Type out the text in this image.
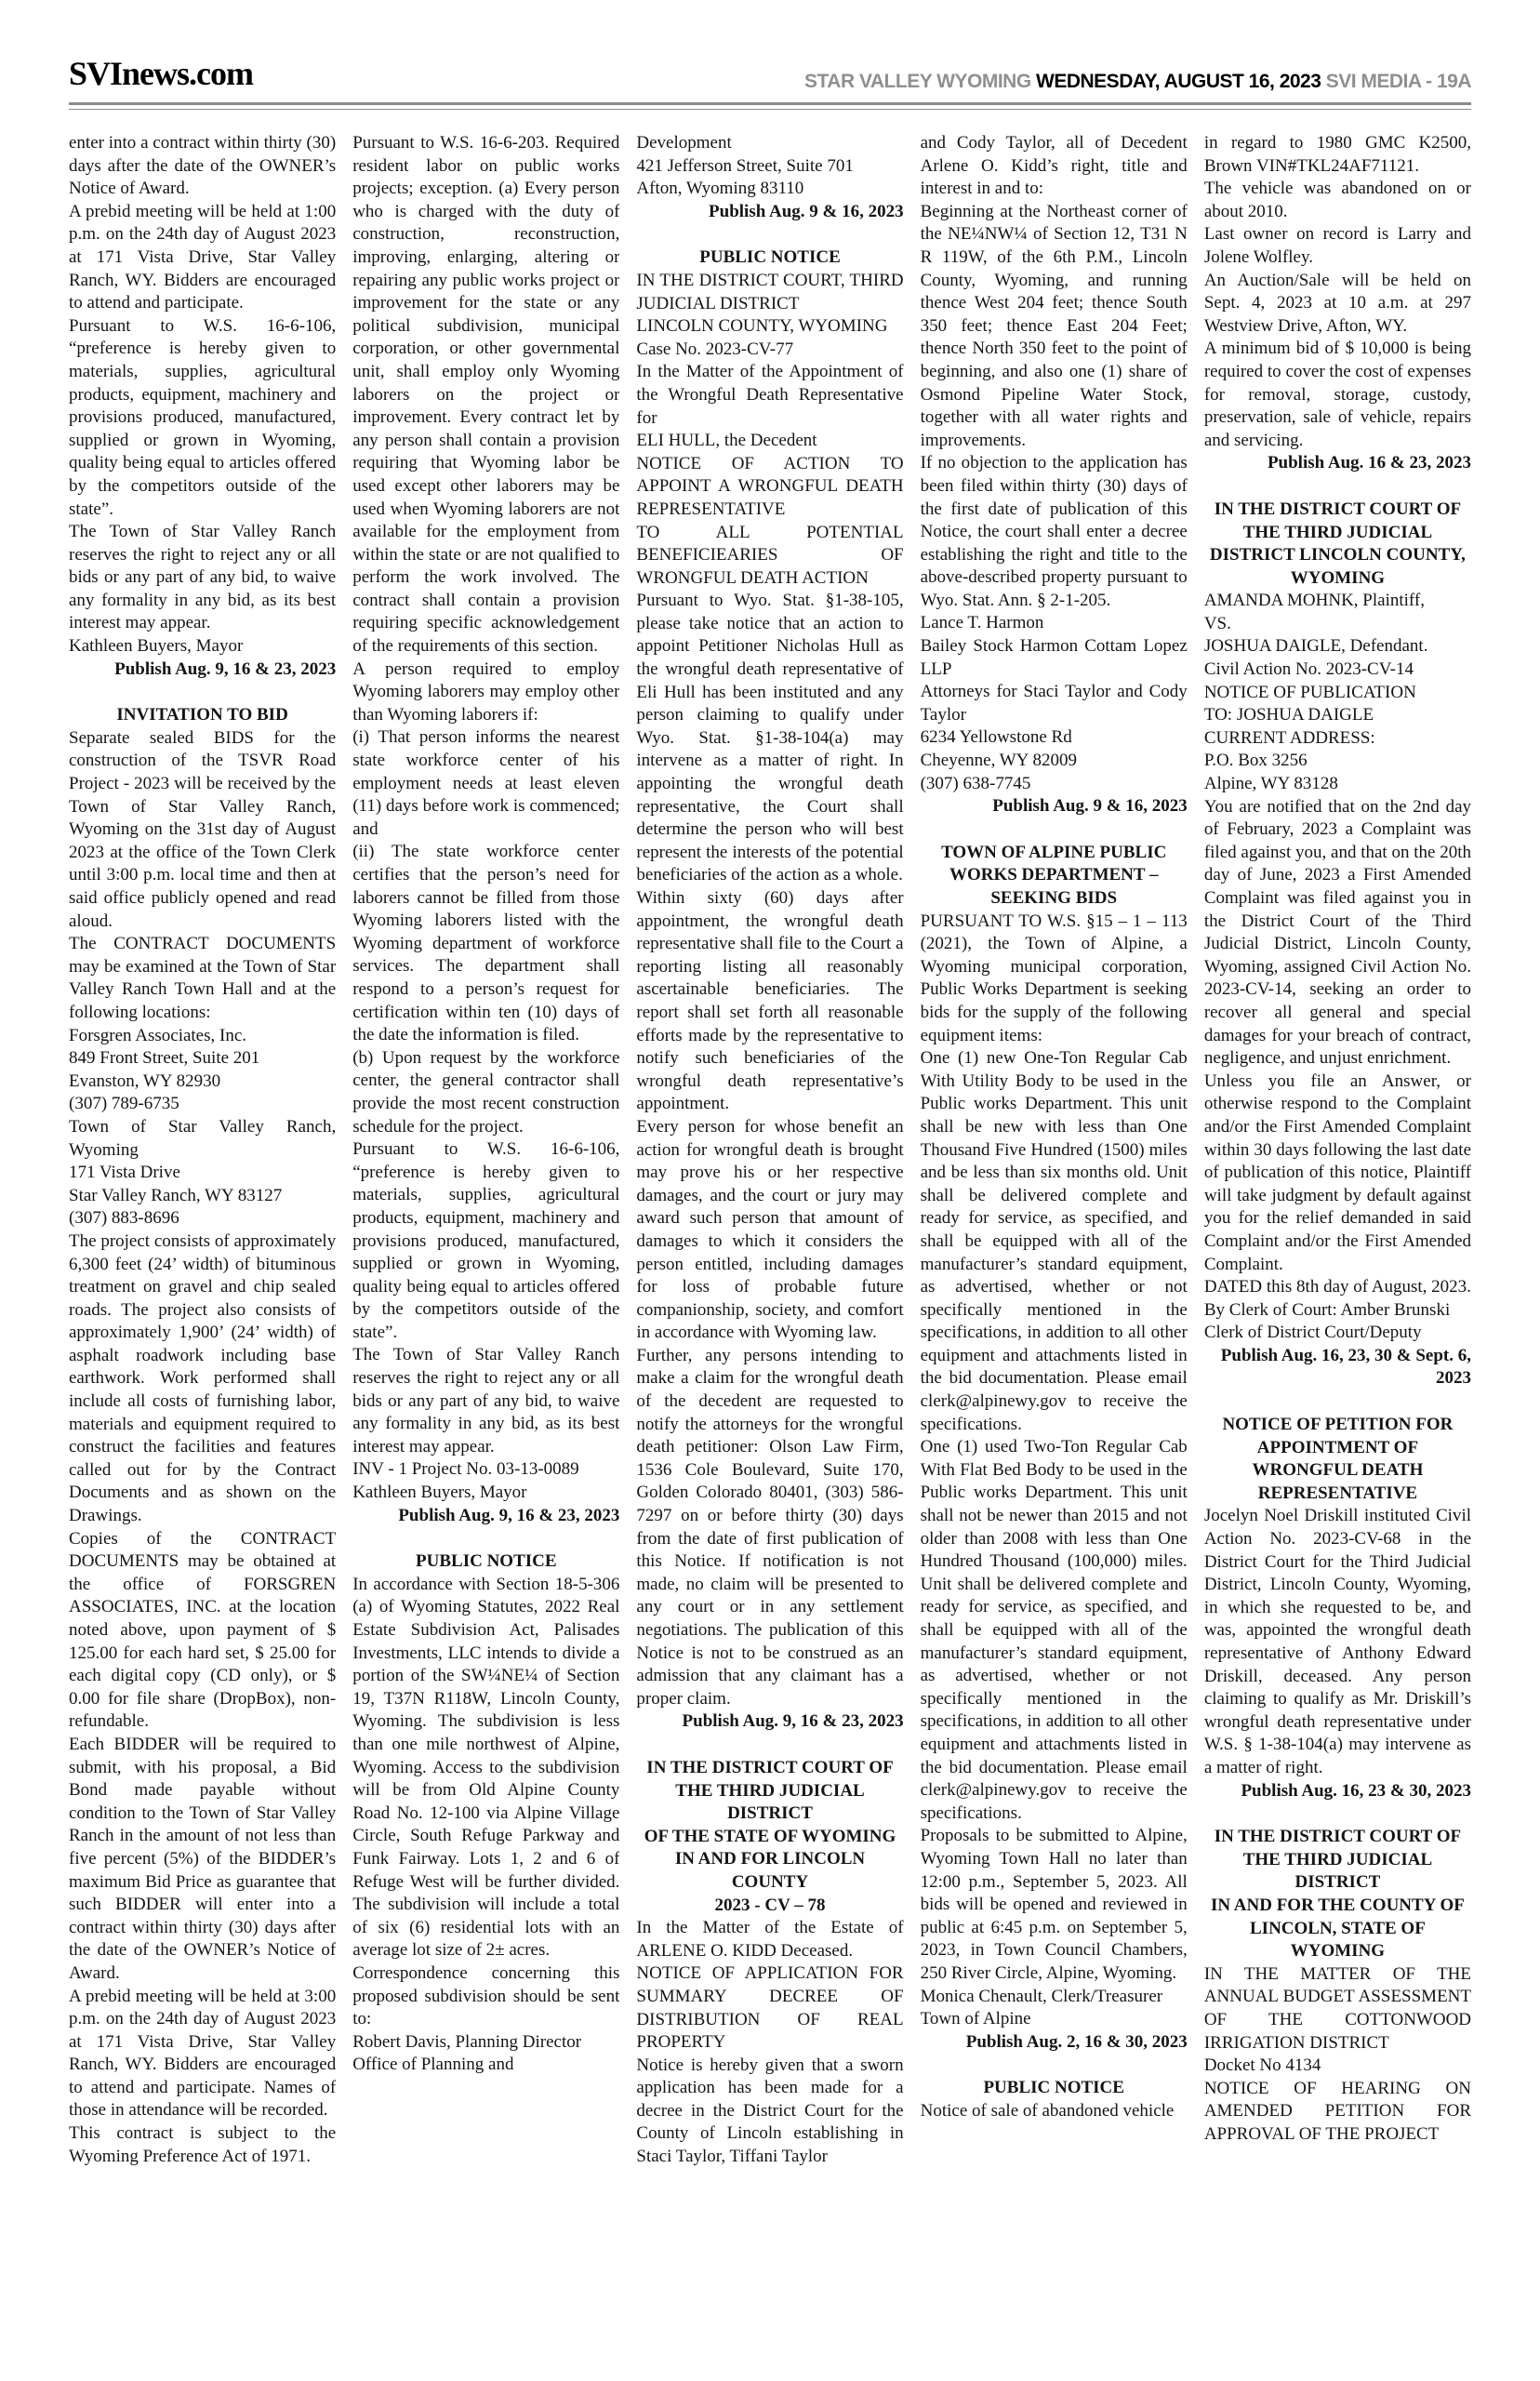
SVInews.com	STAR VALLEY WYOMING WEDNESDAY, AUGUST 16, 2023 SVI MEDIA - 19A

enter into a contract within thirty (30) days after the date of the OWNER’s Notice of Award.

A prebid meeting will be held at 1:00 p.m. on the 24th day of August 2023 at 171 Vista Drive, Star Valley Ranch, WY. Bidders are encouraged to attend and participate.

Pursuant to W.S. 16-6-106, “preference is hereby given to materials, supplies, agricultural products, equipment, machinery and provisions produced, manufactured, supplied or grown in Wyoming, quality being equal to articles offered by the competitors outside of the state”.

The Town of Star Valley Ranch reserves the right to reject any or all bids or any part of any bid, to waive any formality in any bid, as its best interest may appear.

Kathleen Buyers, Mayor

Publish Aug. 9, 16 & 23, 2023

INVITATION TO BID

Separate sealed BIDS for the construction of the TSVR Road Project - 2023 will be received by the Town of Star Valley Ranch, Wyoming on the 31st day of August 2023 at the office of the Town Clerk until 3:00 p.m. local time and then at said office publicly opened and read aloud.

The CONTRACT DOCUMENTS may be examined at the Town of Star Valley Ranch Town Hall and at the following locations:

Forsgren Associates, Inc.

849 Front Street, Suite 201

Evanston, WY 82930

(307) 789-6735

Town of Star Valley Ranch, Wyoming

171 Vista Drive

Star Valley Ranch, WY 83127

(307) 883-8696

The project consists of approximately 6,300 feet (24’ width) of bituminous treatment on gravel and chip sealed roads. The project also consists of approximately 1,900’ (24’ width) of asphalt roadwork including base earthwork. Work performed shall include all costs of furnishing labor, materials and equipment required to construct the facilities and features called out for by the Contract Documents and as shown on the Drawings.

Copies of the CONTRACT DOCUMENTS may be obtained at the office of FORSGREN ASSOCIATES, INC. at the location noted above, upon payment of $ 125.00 for each hard set, $ 25.00 for each digital copy (CD only), or $ 0.00 for file share (DropBox), non-refundable.

Each BIDDER will be required to submit, with his proposal, a Bid Bond made payable without condition to the Town of Star Valley Ranch in the amount of not less than five percent (5%) of the BIDDER’s maximum Bid Price as guarantee that such BIDDER will enter into a contract within thirty (30) days after the date of the OWNER’s Notice of Award.

A prebid meeting will be held at 3:00 p.m. on the 24th day of August 2023 at 171 Vista Drive, Star Valley Ranch, WY. Bidders are encouraged to attend and participate. Names of those in attendance will be recorded.

This contract is subject to the Wyoming Preference Act of 1971.

Pursuant to W.S. 16-6-203. Required resident labor on public works projects; exception. (a) Every person who is charged with the duty of construction, reconstruction, improving, enlarging, altering or repairing any public works project or improvement for the state or any political subdivision, municipal corporation, or other governmental unit, shall employ only Wyoming laborers on the project or improvement. Every contract let by any person shall contain a provision requiring that Wyoming labor be used except other laborers may be used when Wyoming laborers are not available for the employment from within the state or are not qualified to perform the work involved. The contract shall contain a provision requiring specific acknowledgement of the requirements of this section.

A person required to employ Wyoming laborers may employ other than Wyoming laborers if:

(i) That person informs the nearest state workforce center of his employment needs at least eleven (11) days before work is commenced; and

(ii) The state workforce center certifies that the person’s need for laborers cannot be filled from those Wyoming laborers listed with the Wyoming department of workforce services. The department shall respond to a person’s request for certification within ten (10) days of the date the information is filed.

(b) Upon request by the workforce center, the general contractor shall provide the most recent construction schedule for the project.

Pursuant to W.S. 16-6-106, “preference is hereby given to materials, supplies, agricultural products, equipment, machinery and provisions produced, manufactured, supplied or grown in Wyoming, quality being equal to articles offered by the competitors outside of the state”.

The Town of Star Valley Ranch reserves the right to reject any or all bids or any part of any bid, to waive any formality in any bid, as its best interest may appear.

INV - 1 Project No. 03-13-0089

Kathleen Buyers, Mayor

Publish Aug. 9, 16 & 23, 2023

PUBLIC NOTICE

In accordance with Section 18-5-306 (a) of Wyoming Statutes, 2022 Real Estate Subdivision Act, Palisades Investments, LLC intends to divide a portion of the SW¼NE¼ of Section 19, T37N R118W, Lincoln County, Wyoming. The subdivision is less than one mile northwest of Alpine, Wyoming. Access to the subdivision will be from Old Alpine County Road No. 12-100 via Alpine Village Circle, South Refuge Parkway and Funk Fairway. Lots 1, 2 and 6 of Refuge West will be further divided. The subdivision will include a total of six (6) residential lots with an average lot size of 2± acres.

Correspondence concerning this proposed subdivision should be sent to:

Robert Davis, Planning Director

Office of Planning and

Development

421 Jefferson Street, Suite 701

Afton, Wyoming 83110

Publish Aug. 9 & 16, 2023

PUBLIC NOTICE

IN THE DISTRICT COURT, THIRD JUDICIAL DISTRICT

LINCOLN COUNTY, WYOMING

Case No. 2023-CV-77

In the Matter of the Appointment of the Wrongful Death Representative for

ELI HULL, the Decedent

NOTICE OF ACTION TO APPOINT A WRONGFUL DEATH REPRESENTATIVE

TO ALL POTENTIAL BENEFICIEARIES OF WRONGFUL DEATH ACTION

Pursuant to Wyo. Stat. §1-38-105, please take notice that an action to appoint Petitioner Nicholas Hull as the wrongful death representative of Eli Hull has been instituted and any person claiming to qualify under Wyo. Stat. §1-38-104(a) may intervene as a matter of right. In appointing the wrongful death representative, the Court shall determine the person who will best represent the interests of the potential beneficiaries of the action as a whole.

Within sixty (60) days after appointment, the wrongful death representative shall file to the Court a reporting listing all reasonably ascertainable beneficiaries. The report shall set forth all reasonable efforts made by the representative to notify such beneficiaries of the wrongful death representative’s appointment.

Every person for whose benefit an action for wrongful death is brought may prove his or her respective damages, and the court or jury may award such person that amount of damages to which it considers the person entitled, including damages for loss of probable future companionship, society, and comfort in accordance with Wyoming law.

Further, any persons intending to make a claim for the wrongful death of the decedent are requested to notify the attorneys for the wrongful death petitioner: Olson Law Firm, 1536 Cole Boulevard, Suite 170, Golden Colorado 80401, (303) 586-7297 on or before thirty (30) days from the date of first publication of this Notice. If notification is not made, no claim will be presented to any court or in any settlement negotiations. The publication of this Notice is not to be construed as an admission that any claimant has a proper claim.

Publish Aug. 9, 16 & 23, 2023

IN THE DISTRICT COURT OF THE THIRD JUDICIAL DISTRICT

OF THE STATE OF WYOMING IN AND FOR LINCOLN COUNTY

2023 - CV – 78

In the Matter of the Estate of ARLENE O. KIDD Deceased.

NOTICE OF APPLICATION FOR SUMMARY DECREE OF DISTRIBUTION OF REAL PROPERTY

Notice is hereby given that a sworn application has been made for a decree in the District Court for the County of Lincoln establishing in Staci Taylor, Tiffani Taylor

and Cody Taylor, all of Decedent Arlene O. Kidd’s right, title and interest in and to:

Beginning at the Northeast corner of the NE¼NW¼ of Section 12, T31 N R 119W, of the 6th P.M., Lincoln County, Wyoming, and running thence West 204 feet; thence South 350 feet; thence East 204 Feet; thence North 350 feet to the point of beginning, and also one (1) share of Osmond Pipeline Water Stock, together with all water rights and improvements.

If no objection to the application has been filed within thirty (30) days of the first date of publication of this Notice, the court shall enter a decree establishing the right and title to the above-described property pursuant to Wyo. Stat. Ann. § 2-1-205.

Lance T. Harmon

Bailey Stock Harmon Cottam Lopez LLP

Attorneys for Staci Taylor and Cody Taylor

6234 Yellowstone Rd

Cheyenne, WY 82009

(307) 638-7745

Publish Aug. 9 & 16, 2023

TOWN OF ALPINE PUBLIC WORKS DEPARTMENT – SEEKING BIDS

PURSUANT TO W.S. §15 – 1 – 113 (2021), the Town of Alpine, a Wyoming municipal corporation, Public Works Department is seeking bids for the supply of the following equipment items:

One (1) new One-Ton Regular Cab With Utility Body to be used in the Public works Department. This unit shall be new with less than One Thousand Five Hundred (1500) miles and be less than six months old. Unit shall be delivered complete and ready for service, as specified, and shall be equipped with all of the manufacturer’s standard equipment, as advertised, whether or not specifically mentioned in the specifications, in addition to all other equipment and attachments listed in the bid documentation. Please email clerk@alpinewy.gov to receive the specifications.

One (1) used Two-Ton Regular Cab With Flat Bed Body to be used in the Public works Department. This unit shall not be newer than 2015 and not older than 2008 with less than One Hundred Thousand (100,000) miles. Unit shall be delivered complete and ready for service, as specified, and shall be equipped with all of the manufacturer’s standard equipment, as advertised, whether or not specifically mentioned in the specifications, in addition to all other equipment and attachments listed in the bid documentation. Please email clerk@alpinewy.gov to receive the specifications.

Proposals to be submitted to Alpine, Wyoming Town Hall no later than 12:00 p.m., September 5, 2023. All bids will be opened and reviewed in public at 6:45 p.m. on September 5, 2023, in Town Council Chambers, 250 River Circle, Alpine, Wyoming.

Monica Chenault, Clerk/Treasurer

Town of Alpine

Publish Aug. 2, 16 & 30, 2023

PUBLIC NOTICE

Notice of sale of abandoned vehicle

in regard to 1980 GMC K2500, Brown VIN#TKL24AF71121.

The vehicle was abandoned on or about 2010.

Last owner on record is Larry and Jolene Wolfley.

An Auction/Sale will be held on Sept. 4, 2023 at 10 a.m. at 297 Westview Drive, Afton, WY.

A minimum bid of $ 10,000 is being required to cover the cost of expenses for removal, storage, custody, preservation, sale of vehicle, repairs and servicing.

Publish Aug. 16 & 23, 2023

IN THE DISTRICT COURT OF THE THIRD JUDICIAL DISTRICT LINCOLN COUNTY, WYOMING

AMANDA MOHNK, Plaintiff,

VS.

JOSHUA DAIGLE, Defendant.

Civil Action No. 2023-CV-14

NOTICE OF PUBLICATION

TO: JOSHUA DAIGLE

CURRENT ADDRESS:

P.O. Box 3256

Alpine, WY 83128

You are notified that on the 2nd day of February, 2023 a Complaint was filed against you, and that on the 20th day of June, 2023 a First Amended Complaint was filed against you in the District Court of the Third Judicial District, Lincoln County, Wyoming, assigned Civil Action No. 2023-CV-14, seeking an order to recover all general and special damages for your breach of contract, negligence, and unjust enrichment.

Unless you file an Answer, or otherwise respond to the Complaint and/or the First Amended Complaint within 30 days following the last date of publication of this notice, Plaintiff will take judgment by default against you for the relief demanded in said Complaint and/or the First Amended Complaint.

DATED this 8th day of August, 2023.

By Clerk of Court: Amber Brunski

Clerk of District Court/Deputy

Publish Aug. 16, 23, 30 & Sept. 6, 2023

NOTICE OF PETITION FOR APPOINTMENT OF WRONGFUL DEATH REPRESENTATIVE

Jocelyn Noel Driskill instituted Civil Action No. 2023-CV-68 in the District Court for the Third Judicial District, Lincoln County, Wyoming, in which she requested to be, and was, appointed the wrongful death representative of Anthony Edward Driskill, deceased. Any person claiming to qualify as Mr. Driskill’s wrongful death representative under W.S. § 1-38-104(a) may intervene as a matter of right.

Publish Aug. 16, 23 & 30, 2023

IN THE DISTRICT COURT OF THE THIRD JUDICIAL DISTRICT

IN AND FOR THE COUNTY OF LINCOLN, STATE OF WYOMING

IN THE MATTER OF THE ANNUAL BUDGET ASSESSMENT OF THE COTTONWOOD IRRIGATION DISTRICT

Docket No 4134

NOTICE OF HEARING ON AMENDED PETITION FOR APPROVAL OF THE PROJECT
